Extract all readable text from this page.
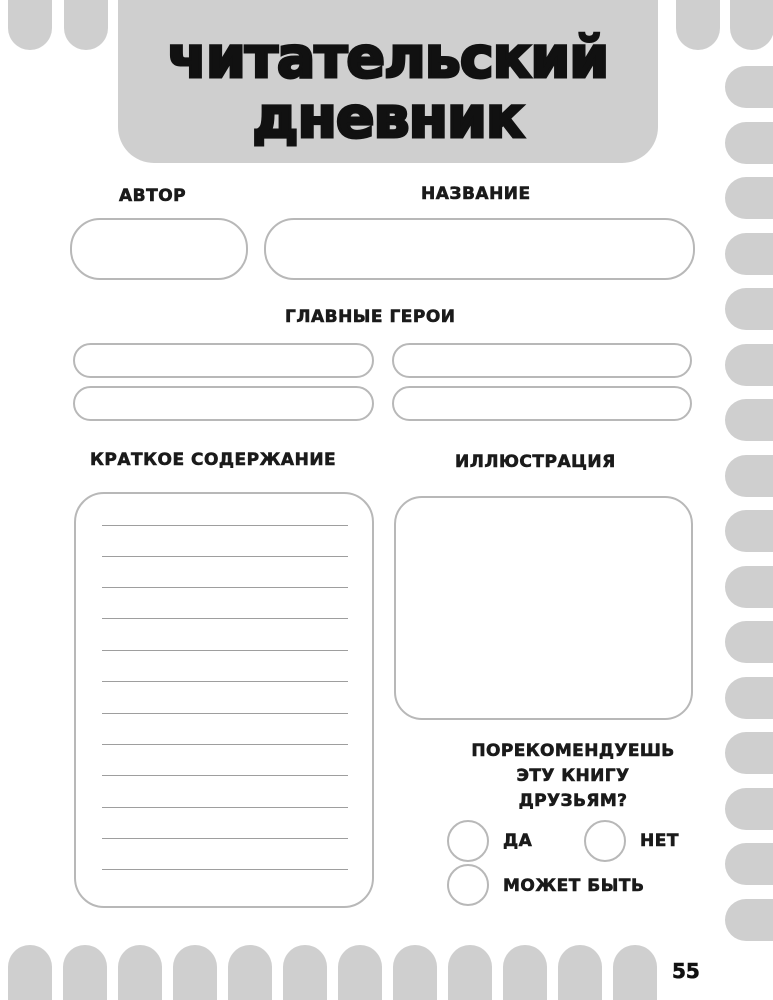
читательский
дневник
АВТОР	НАЗВАНИЕ
ГЛАВНЫЕ ГЕРОИ
КРАТКОЕ СОДЕРЖАНИЕ	ИЛЛЮСТРАЦИЯ
ПОРЕКОМЕНДУЕШЬ
ЭТУ КНИГУ
ДРУЗЬЯМ?
ДА	НЕТ
МОЖЕТ БЫТЬ
55
